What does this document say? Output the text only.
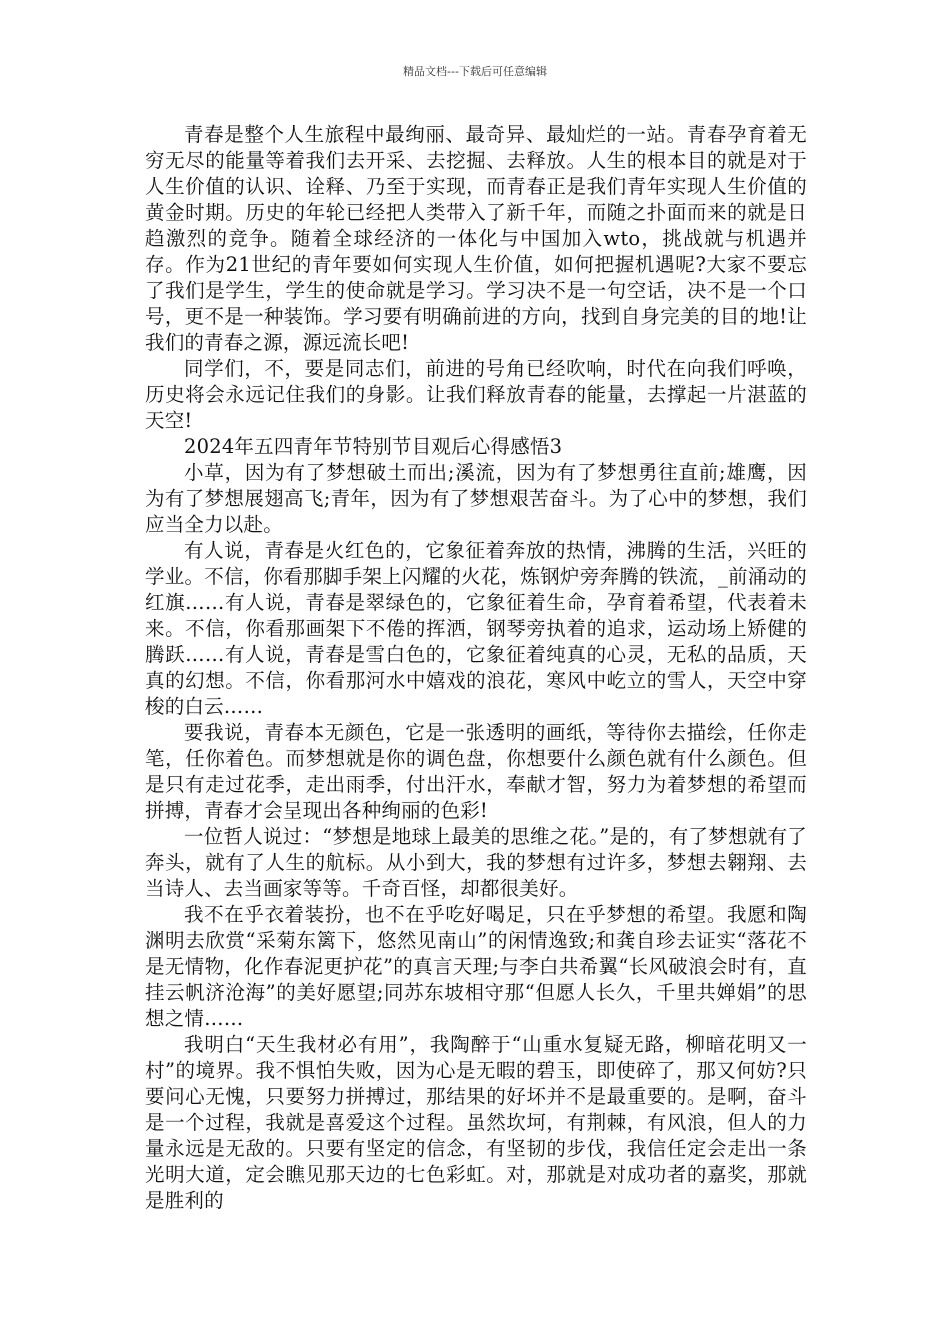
精品文档---下载后可任意编辑

青春是整个人生旅程中最绚丽、最奇异、最灿烂的一站。青春孕育着无穷无尽的能量等着我们去开采、去挖掘、去释放。人生的根本目的就是对于人生价值的认识、诠释、乃至于实现，而青春正是我们青年实现人生价值的黄金时期。历史的年轮已经把人类带入了新千年，而随之扑面而来的就是日趋激烈的竞争。随着全球经济的一体化与中国加入wto，挑战就与机遇并存。作为21世纪的青年要如何实现人生价值，如何把握机遇呢?大家不要忘了我们是学生，学生的使命就是学习。学习决不是一句空话，决不是一个口号，更不是一种装饰。学习要有明确前进的方向，找到自身完美的目的地!让我们的青春之源，源远流长吧!

同学们，不，要是同志们，前进的号角已经吹响，时代在向我们呼唤，历史将会永远记住我们的身影。让我们释放青春的能量，去撑起一片湛蓝的天空!

2024年五四青年节特别节目观后心得感悟3

小草，因为有了梦想破土而出;溪流，因为有了梦想勇往直前;雄鹰，因为有了梦想展翅高飞;青年，因为有了梦想艰苦奋斗。为了心中的梦想，我们应当全力以赴。

有人说，青春是火红色的，它象征着奔放的热情，沸腾的生活，兴旺的学业。不信，你看那脚手架上闪耀的火花，炼钢炉旁奔腾的铁流，_前涌动的红旗……有人说，青春是翠绿色的，它象征着生命，孕育着希望，代表着未来。不信，你看那画架下不倦的挥洒，钢琴旁执着的追求，运动场上矫健的腾跃……有人说，青春是雪白色的，它象征着纯真的心灵，无私的品质，天真的幻想。不信，你看那河水中嬉戏的浪花，寒风中屹立的雪人，天空中穿梭的白云……

要我说，青春本无颜色，它是一张透明的画纸，等待你去描绘，任你走笔，任你着色。而梦想就是你的调色盘，你想要什么颜色就有什么颜色。但是只有走过花季，走出雨季，付出汗水，奉献才智，努力为着梦想的希望而拼搏，青春才会呈现出各种绚丽的色彩!

一位哲人说过：“梦想是地球上最美的思维之花。”是的，有了梦想就有了奔头，就有了人生的航标。从小到大，我的梦想有过许多，梦想去翱翔、去当诗人、去当画家等等。千奇百怪，却都很美好。

我不在乎衣着装扮，也不在乎吃好喝足，只在乎梦想的希望。我愿和陶渊明去欣赏“采菊东篱下，悠然见南山”的闲情逸致;和龚自珍去证实“落花不是无情物，化作春泥更护花”的真言天理;与李白共希翼“长风破浪会时有，直挂云帆济沧海”的美好愿望;同苏东坡相守那“但愿人长久，千里共婵娟”的思想之情……

我明白“天生我材必有用”，我陶醉于“山重水复疑无路，柳暗花明又一村”的境界。我不惧怕失败，因为心是无暇的碧玉，即使碎了，那又何妨?只要问心无愧，只要努力拼搏过，那结果的好坏并不是最重要的。是啊，奋斗是一个过程，我就是喜爱这个过程。虽然坎坷，有荆棘，有风浪，但人的力量永远是无敌的。只要有坚定的信念，有坚韧的步伐，我信任定会走出一条光明大道，定会瞧见那天边的七色彩虹。对，那就是对成功者的嘉奖，那就是胜利的
